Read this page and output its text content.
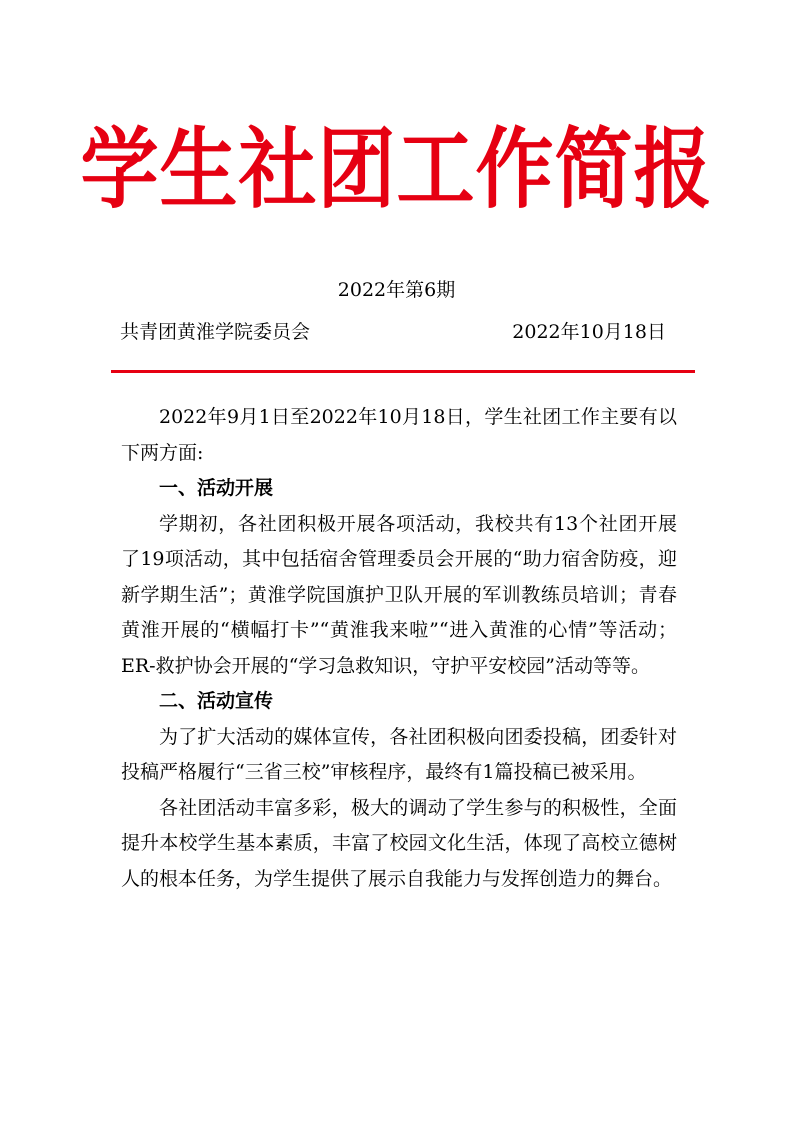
学生社团工作简报
2022年第6期
共青团黄淮学院委员会	2022年10月18日

2022年9月1日至2022年10月18日，学生社团工作主要有以下两方面:

一、活动开展

学期初，各社团积极开展各项活动，我校共有13个社团开展了19项活动，其中包括宿舍管理委员会开展的“助力宿舍防疫，迎新学期生活”；黄淮学院国旗护卫队开展的军训教练员培训；青春黄淮开展的“横幅打卡”“黄淮我来啦”“进入黄淮的心情”等活动；ER-救护协会开展的“学习急救知识，守护平安校园”活动等等。

二、活动宣传

为了扩大活动的媒体宣传，各社团积极向团委投稿，团委针对投稿严格履行“三省三校”审核程序，最终有1篇投稿已被采用。

各社团活动丰富多彩，极大的调动了学生参与的积极性，全面提升本校学生基本素质，丰富了校园文化生活，体现了高校立德树人的根本任务，为学生提供了展示自我能力与发挥创造力的舞台。
